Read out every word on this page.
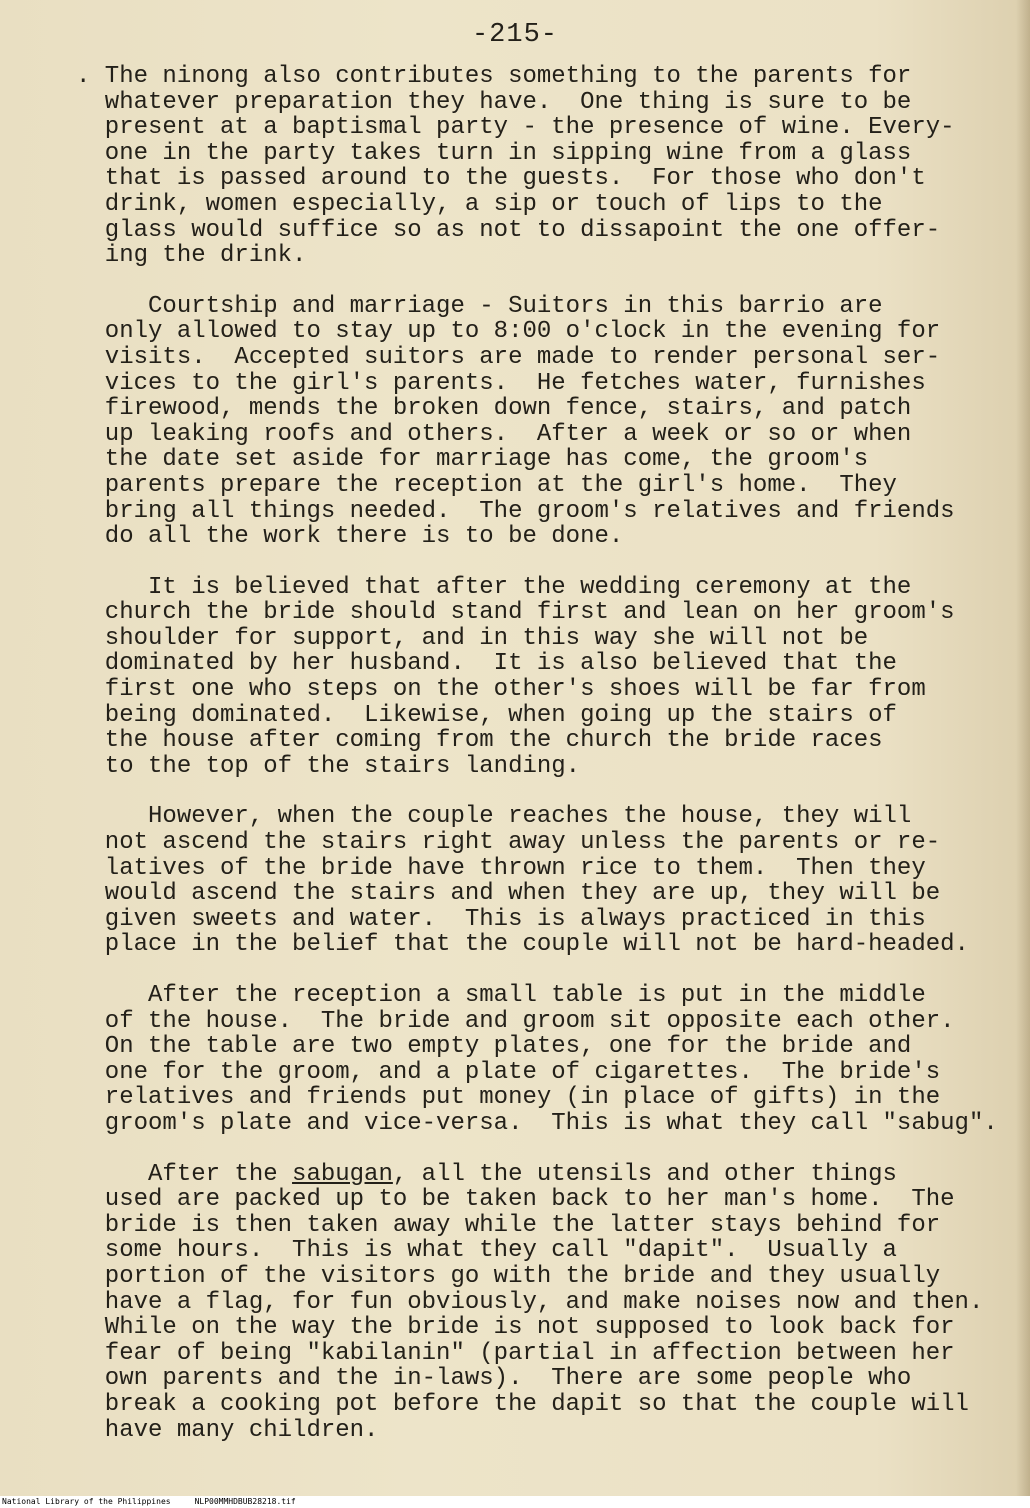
-215-
. The ninong also contributes something to the parents for
whatever preparation they have.  One thing is sure to be
present at a baptismal party - the presence of wine. Every-
one in the party takes turn in sipping wine from a glass
that is passed around to the guests.  For those who don't
drink, women especially, a sip or touch of lips to the
glass would suffice so as not to dissapoint the one offer-
ing the drink.
Courtship and marriage - Suitors in this barrio are
only allowed to stay up to 8:00 o'clock in the evening for
visits.  Accepted suitors are made to render personal ser-
vices to the girl's parents.  He fetches water, furnishes
firewood, mends the broken down fence, stairs, and patch
up leaking roofs and others.  After a week or so or when
the date set aside for marriage has come, the groom's
parents prepare the reception at the girl's home.  They
bring all things needed.  The groom's relatives and friends
do all the work there is to be done.
It is believed that after the wedding ceremony at the
church the bride should stand first and lean on her groom's
shoulder for support, and in this way she will not be
dominated by her husband.  It is also believed that the
first one who steps on the other's shoes will be far from
being dominated.  Likewise, when going up the stairs of
the house after coming from the church the bride races
to the top of the stairs landing.
However, when the couple reaches the house, they will
not ascend the stairs right away unless the parents or re-
latives of the bride have thrown rice to them.  Then they
would ascend the stairs and when they are up, they will be
given sweets and water.  This is always practiced in this
place in the belief that the couple will not be hard-headed.
After the reception a small table is put in the middle
of the house.  The bride and groom sit opposite each other.
On the table are two empty plates, one for the bride and
one for the groom, and a plate of cigarettes.  The bride's
relatives and friends put money (in place of gifts) in the
groom's plate and vice-versa.  This is what they call "sabug".
After the sabugan, all the utensils and other things
used are packed up to be taken back to her man's home.  The
bride is then taken away while the latter stays behind for
some hours.  This is what they call "dapit".  Usually a
portion of the visitors go with the bride and they usually
have a flag, for fun obviously, and make noises now and then.
While on the way the bride is not supposed to look back for
fear of being "kabilanin" (partial in affection between her
own parents and the in-laws).  There are some people who
break a cooking pot before the dapit so that the couple will
have many children.
National Library of the Philippines	NLP00MMHDBUB28218.tif
